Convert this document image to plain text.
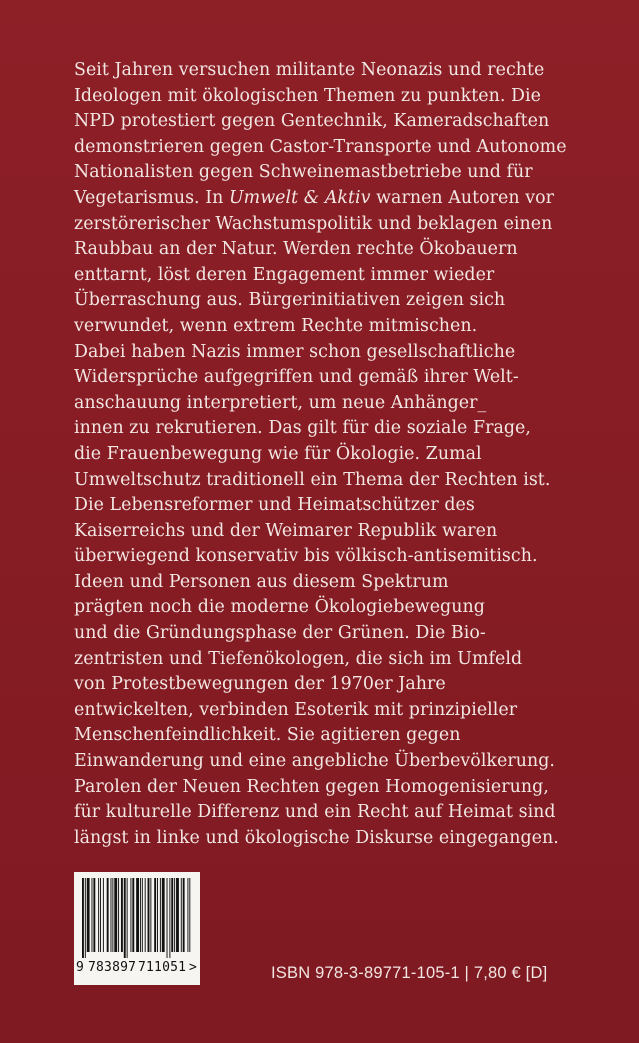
Seit Jahren versuchen militante Neonazis und rechte
Ideologen mit ökologischen Themen zu punkten. Die
NPD protestiert gegen Gentechnik, Kameradschaften
demonstrieren gegen Castor-Transporte und Autonome
Nationalisten gegen Schweinemastbetriebe und für
Vegetarismus. In Umwelt & Aktiv warnen Autoren vor
zerstörerischer Wachstumspolitik und beklagen einen
Raubbau an der Natur. Werden rechte Ökobauern
enttarnt, löst deren Engagement immer wieder
Überraschung aus. Bürgerinitiativen zeigen sich
verwundet, wenn extrem Rechte mitmischen.
Dabei haben Nazis immer schon gesellschaftliche
Widersprüche aufgegriffen und gemäß ihrer Welt-
anschauung interpretiert, um neue Anhänger_
innen zu rekrutieren. Das gilt für die soziale Frage,
die Frauenbewegung wie für Ökologie. Zumal
Umweltschutz traditionell ein Thema der Rechten ist.
Die Lebensreformer und Heimatschützer des
Kaiserreichs und der Weimarer Republik waren
überwiegend konservativ bis völkisch-antisemitisch.
Ideen und Personen aus diesem Spektrum
prägten noch die moderne Ökologiebewegung
und die Gründungsphase der Grünen. Die Bio-
zentristen und Tiefenökologen, die sich im Umfeld
von Protestbewegungen der 1970er Jahre
entwickelten, verbinden Esoterik mit prinzipieller
Menschenfeindlichkeit. Sie agitieren gegen
Einwanderung und eine angebliche Überbevölkerung.
Parolen der Neuen Rechten gegen Homogenisierung,
für kulturelle Differenz und ein Recht auf Heimat sind
längst in linke und ökologische Diskurse eingegangen.
9 783897 711051 >	ISBN 978-3-89771-105-1 | 7,80 € [D]
